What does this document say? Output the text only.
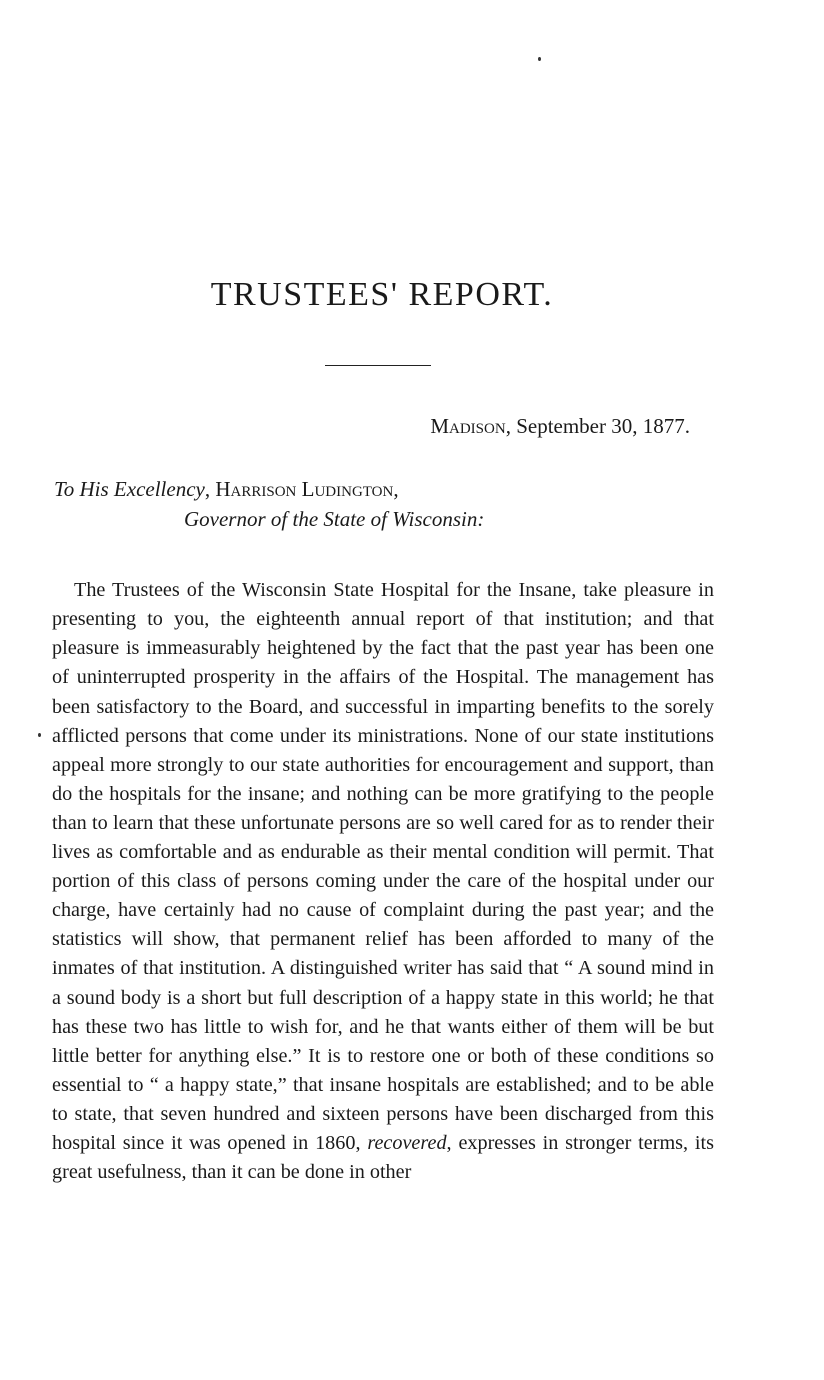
TRUSTEES' REPORT.
Madison, September 30, 1877.
To His Excellency, Harrison Ludington,
Governor of the State of Wisconsin:

The Trustees of the Wisconsin State Hospital for the Insane, take pleasure in presenting to you, the eighteenth annual report of that institution; and that pleasure is immeasurably heightened by the fact that the past year has been one of uninterrupted prosperity in the affairs of the Hospital. The management has been satisfactory to the Board, and successful in imparting benefits to the sorely afflicted persons that come under its ministrations. None of our state institutions appeal more strongly to our state authorities for encouragement and support, than do the hospitals for the insane; and nothing can be more gratifying to the people than to learn that these unfortunate persons are so well cared for as to render their lives as comfortable and as endurable as their mental condition will permit. That portion of this class of persons coming under the care of the hospital under our charge, have certainly had no cause of complaint during the past year; and the statistics will show, that permanent relief has been afforded to many of the inmates of that institution. A distinguished writer has said that “ A sound mind in a sound body is a short but full description of a happy state in this world; he that has these two has little to wish for, and he that wants either of them will be but little better for anything else.” It is to restore one or both of these conditions so essential to “ a happy state,” that insane hospitals are established; and to be able to state, that seven hundred and sixteen persons have been discharged from this hospital since it was opened in 1860, recovered, expresses in stronger terms, its great usefulness, than it can be done in other
